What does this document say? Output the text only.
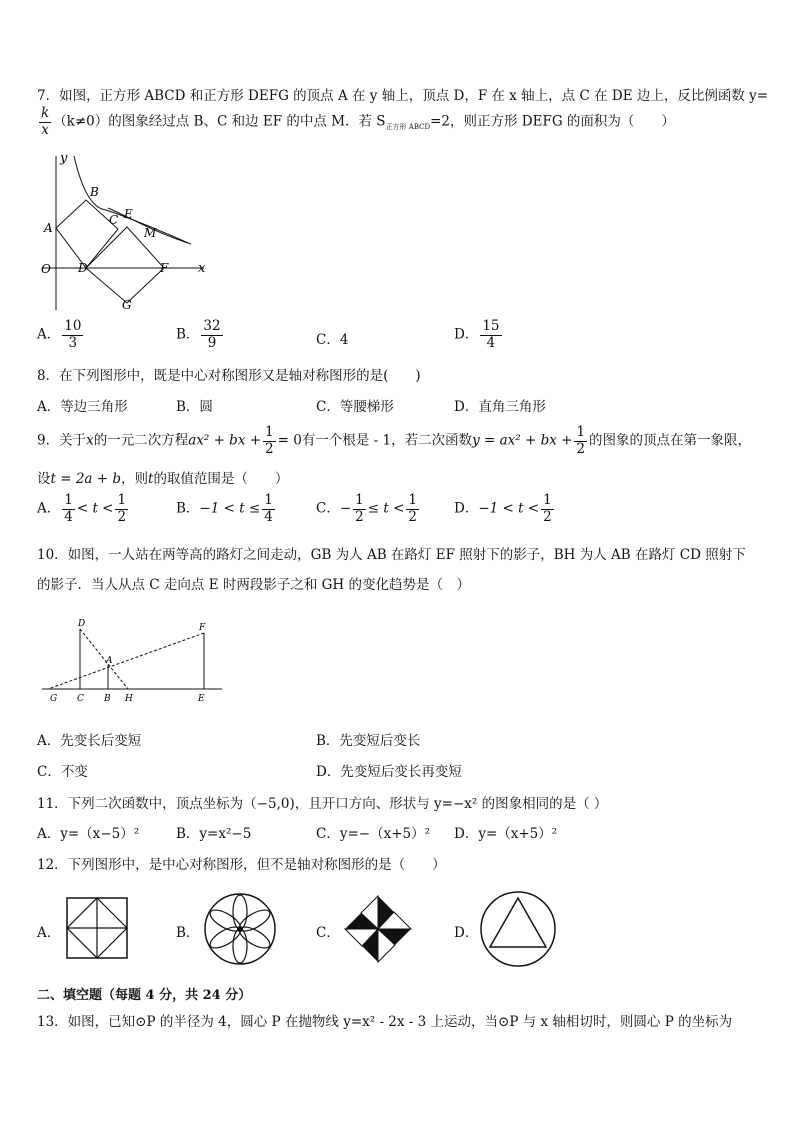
7．如图，正方形 ABCD 和正方形 DEFG 的顶点 A 在 y 轴上，顶点 D，F 在 x 轴上，点 C 在 DE 边上，反比例函数 y=
$\frac{k}{x} (k\ne 0)$的图象经过点 B、C 和边 EF 的中点 M．若 $S_{正方形 ABCD}=2$，则正方形 DEFG 的面积为（　　）
y
x
O
A
B
C E
M
D	F
G
A． $\frac{10}{3}$	B． $\frac{32}{9}$	C．4	D． $\frac{15}{4}$
8．在下列图形中，既是中心对称图形又是轴对称图形的是(　　)
A．等边三角形	B．圆	C．等腰梯形	D．直角三角形
9．关于x的一元二次方程ax² + bx + $\frac{1}{2} = 0$有一个根是 - 1，若二次函数y = ax² + bx + $\frac{1}{2}$ 的图象的顶点在第一象限，
设t = 2a + b，则t的取值范围是（　　）
A． $\frac{1}{4} < t < \frac{1}{2}$	B．$-1 < t \le \frac{1}{4}$	C．− $\frac{1}{2} \le t < \frac{1}{2}$	D．$-1 < t < \frac{1}{2}$
10．如图，一人站在两等高的路灯之间走动，GB 为人 AB 在路灯 EF 照射下的影子，BH 为人 AB 在路灯 CD 照射下
的影子．当人从点 C 走向点 E 时两段影子之和 GH 的变化趋势是（　）
D	F
A
G C B H	E
A．先变长后变短	B．先变短后变长
C．不变	D．先变短后变长再变短
11．下列二次函数中，顶点坐标为（−5,0)，且开口方向、形状与 y=−x² 的图象相同的是（ ）
A．y=（x−5）²	B．y=x²−5	C．y=−（x+5）² D．y=（x+5）²
12．下列图形中，是中心对称图形，但不是轴对称图形的是（　　）
A．	B．	C．	D．
二、填空题（每题 4 分，共 24 分）
13．如图，已知⊙P 的半径为 4，圆心 P 在抛物线 y=x² - 2x - 3 上运动，当⊙P 与 x 轴相切时，则圆心 P 的坐标为
